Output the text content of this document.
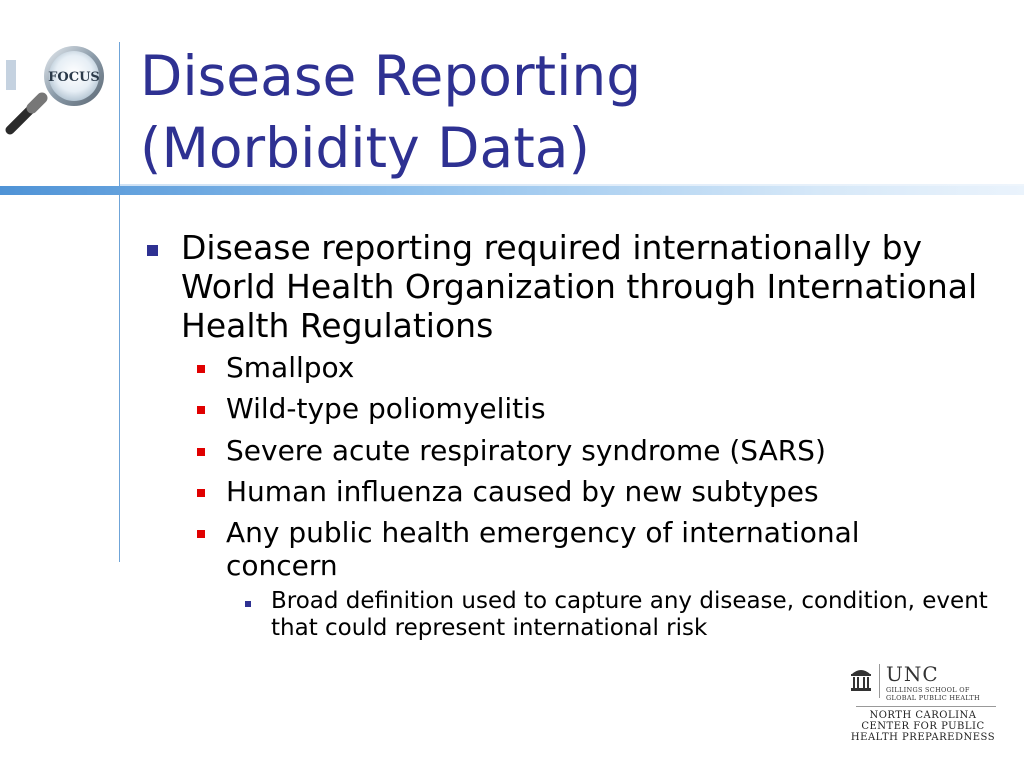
FOCUS Disease Reporting
(Morbidity Data)
Disease reporting required internationally by World Health Organization through International Health Regulations
Smallpox
Wild-type poliomyelitis
Severe acute respiratory syndrome (SARS)
Human influenza caused by new subtypes
Any public health emergency of international concern
Broad definition used to capture any disease, condition, event that could represent international risk
UNC
GILLINGS SCHOOL OF
GLOBAL PUBLIC HEALTH
NORTH CAROLINA
CENTER FOR PUBLIC
HEALTH PREPAREDNESS
